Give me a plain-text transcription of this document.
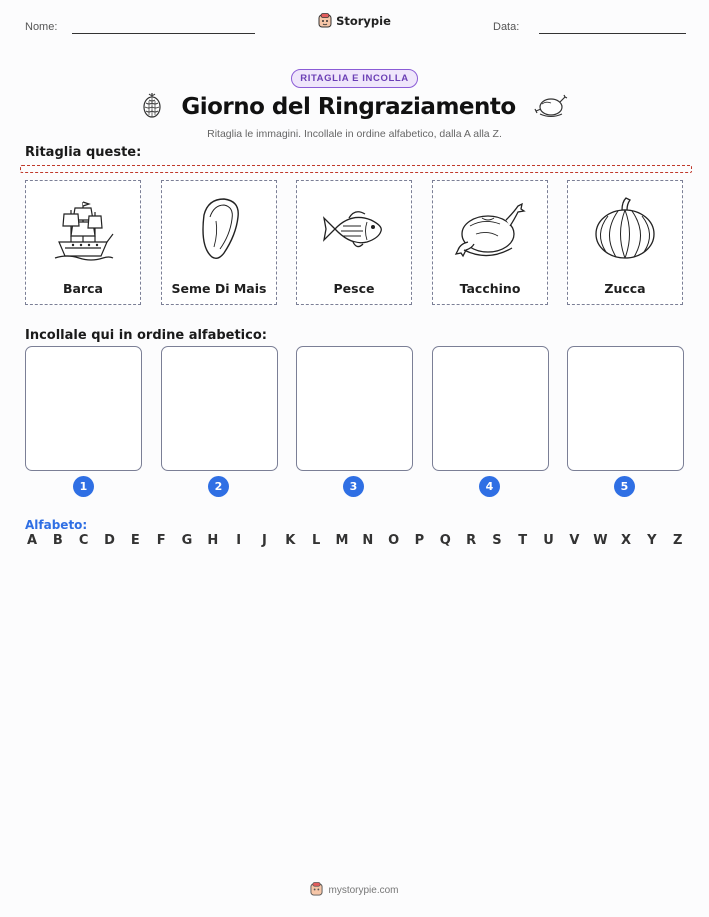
Nome:	Data:
Storypie
RITAGLIA E INCOLLA
Giorno del Ringraziamento
Ritaglia le immagini. Incollale in ordine alfabetico, dalla A alla Z.
Ritaglia queste:
Barca	Seme Di Mais	Pesce	Tacchino	Zucca
Incollale qui in ordine alfabetico:
1	2	3	4	5
Alfabeto:
A B C D E F G H	I	J	K L M N O P Q R S T U V W X Y Z
mystorypie.com
